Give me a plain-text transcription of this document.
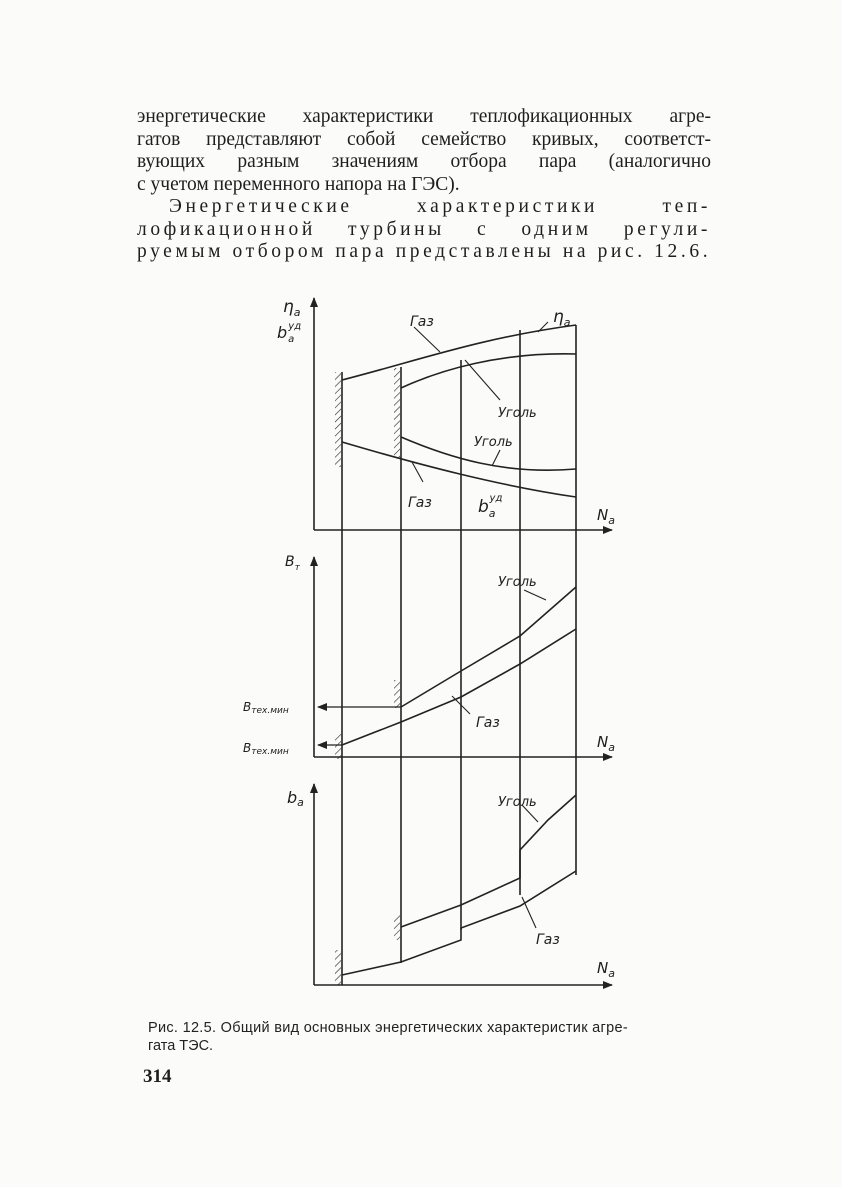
энергетические характеристики теплофикационных агре-
гатов представляют собой семейство кривых, соответст-
вующих разным значениям отбора пара (аналогично
с учетом переменного напора на ГЭС).
Энергетические характеристики теп-
лофикационной турбины с одним регули-
руемым отбором пара представлены на рис. 12.6.
$\eta_a$
$b_aуд$	Газ	$\eta_a$
Уголь
Уголь
Газ	$b_aуд$
$N_a$
$B_т$
Уголь
Газ
Bтех.мин
Bтех.мин
$N_a$
ba	Уголь
Газ
$N_a$
Рис. 12.5. Общий вид основных энергетических характеристик агре-
гата ТЭС.
314
